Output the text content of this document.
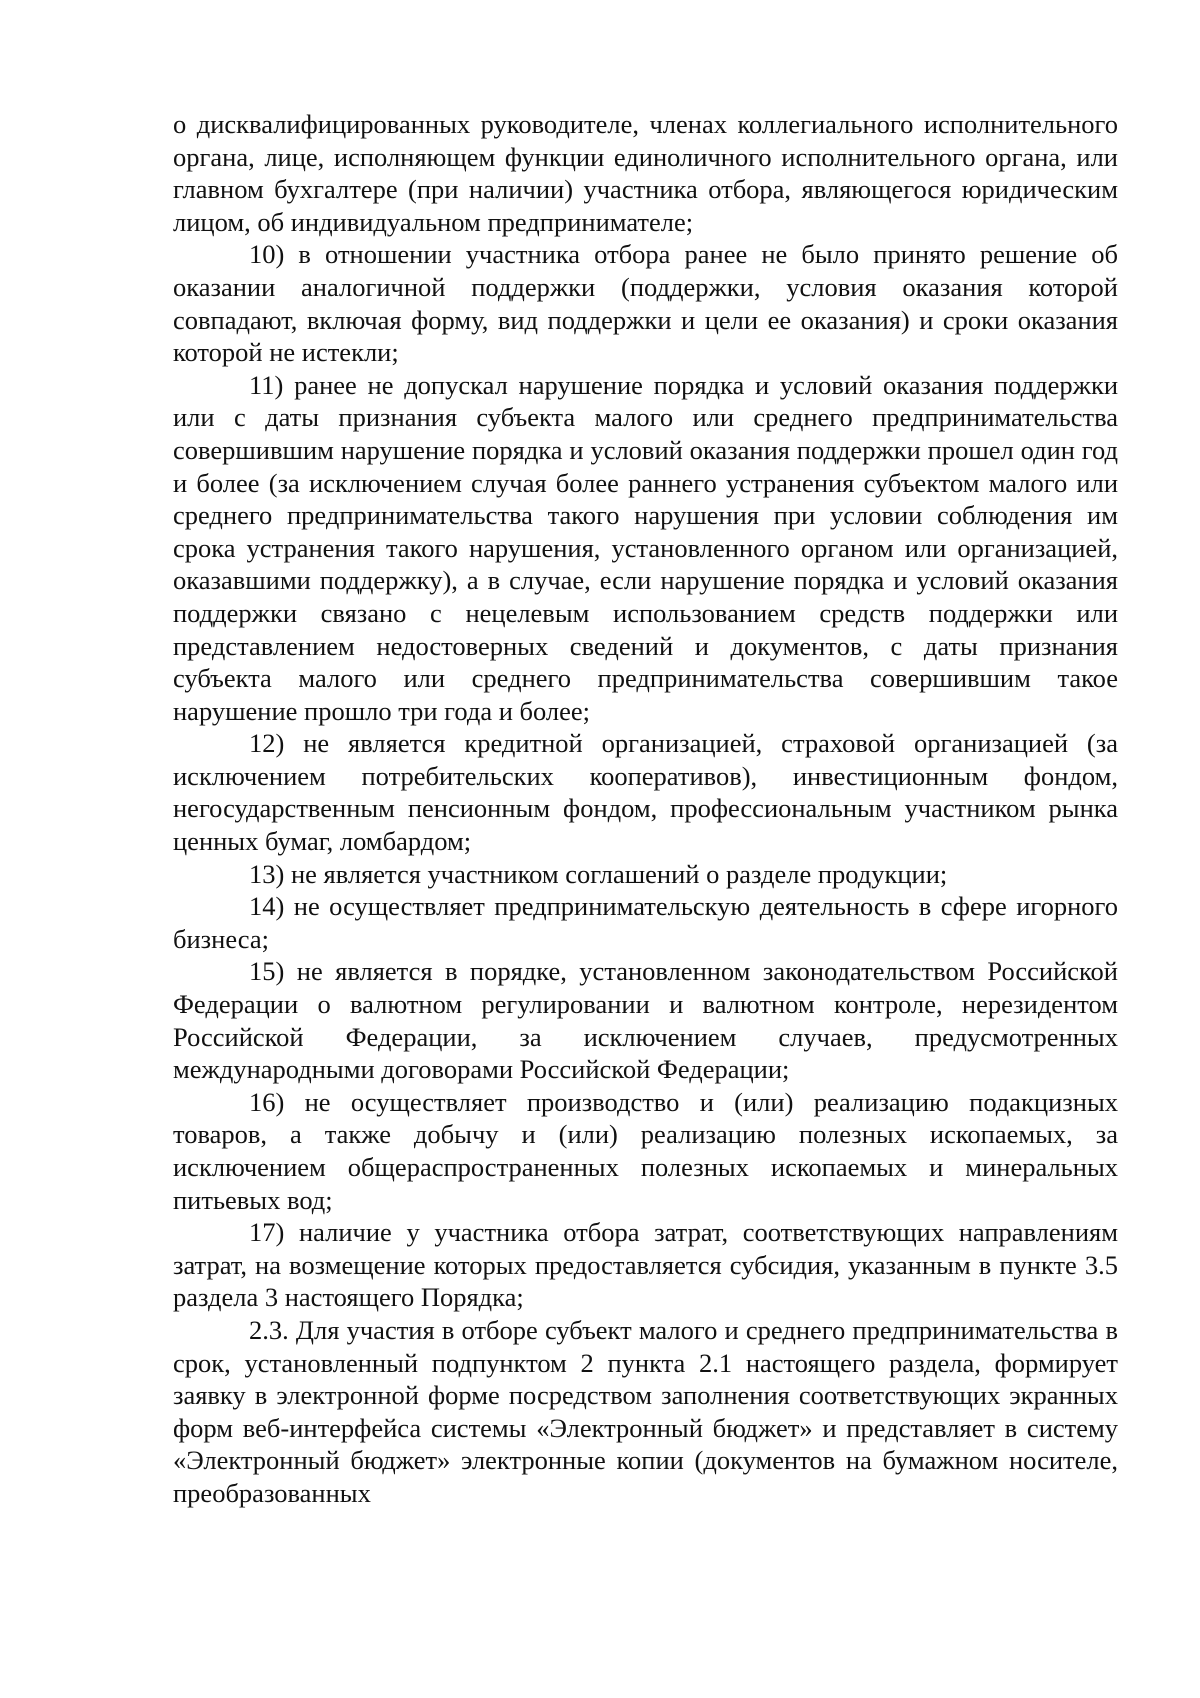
о дисквалифицированных руководителе, членах коллегиального исполнительного органа, лице, исполняющем функции единоличного исполнительного органа, или главном бухгалтере (при наличии) участника отбора, являющегося юридическим лицом, об индивидуальном предпринимателе;

10) в отношении участника отбора ранее не было принято решение об оказании аналогичной поддержки (поддержки, условия оказания которой совпадают, включая форму, вид поддержки и цели ее оказания) и сроки оказания которой не истекли;

11) ранее не допускал нарушение порядка и условий оказания поддержки или с даты признания субъекта малого или среднего предпринимательства совершившим нарушение порядка и условий оказания поддержки прошел один год и более (за исключением случая более раннего устранения субъектом малого или среднего предпринимательства такого нарушения при условии соблюдения им срока устранения такого нарушения, установленного органом или организацией, оказавшими поддержку), а в случае, если нарушение порядка и условий оказания поддержки связано с нецелевым использованием средств поддержки или представлением недостоверных сведений и документов, с даты признания субъекта малого или среднего предпринимательства совершившим такое нарушение прошло три года и более;

12) не является кредитной организацией, страховой организацией (за исключением потребительских кооперативов), инвестиционным фондом, негосударственным пенсионным фондом, профессиональным участником рынка ценных бумаг, ломбардом;

13) не является участником соглашений о разделе продукции;

14) не осуществляет предпринимательскую деятельность в сфере игорного бизнеса;

15) не является в порядке, установленном законодательством Российской Федерации о валютном регулировании и валютном контроле, нерезидентом Российской Федерации, за исключением случаев, предусмотренных международными договорами Российской Федерации;

16) не осуществляет производство и (или) реализацию подакцизных товаров, а также добычу и (или) реализацию полезных ископаемых, за исключением общераспространенных полезных ископаемых и минеральных питьевых вод;

17) наличие у участника отбора затрат, соответствующих направлениям затрат, на возмещение которых предоставляется субсидия, указанным в пункте 3.5 раздела 3 настоящего Порядка;

2.3. Для участия в отборе субъект малого и среднего предпринимательства в срок, установленный подпунктом 2 пункта 2.1 настоящего раздела, формирует заявку в электронной форме посредством заполнения соответствующих экранных форм веб-интерфейса системы «Электронный бюджет» и представляет в систему «Электронный бюджет» электронные копии (документов на бумажном носителе, преобразованных
